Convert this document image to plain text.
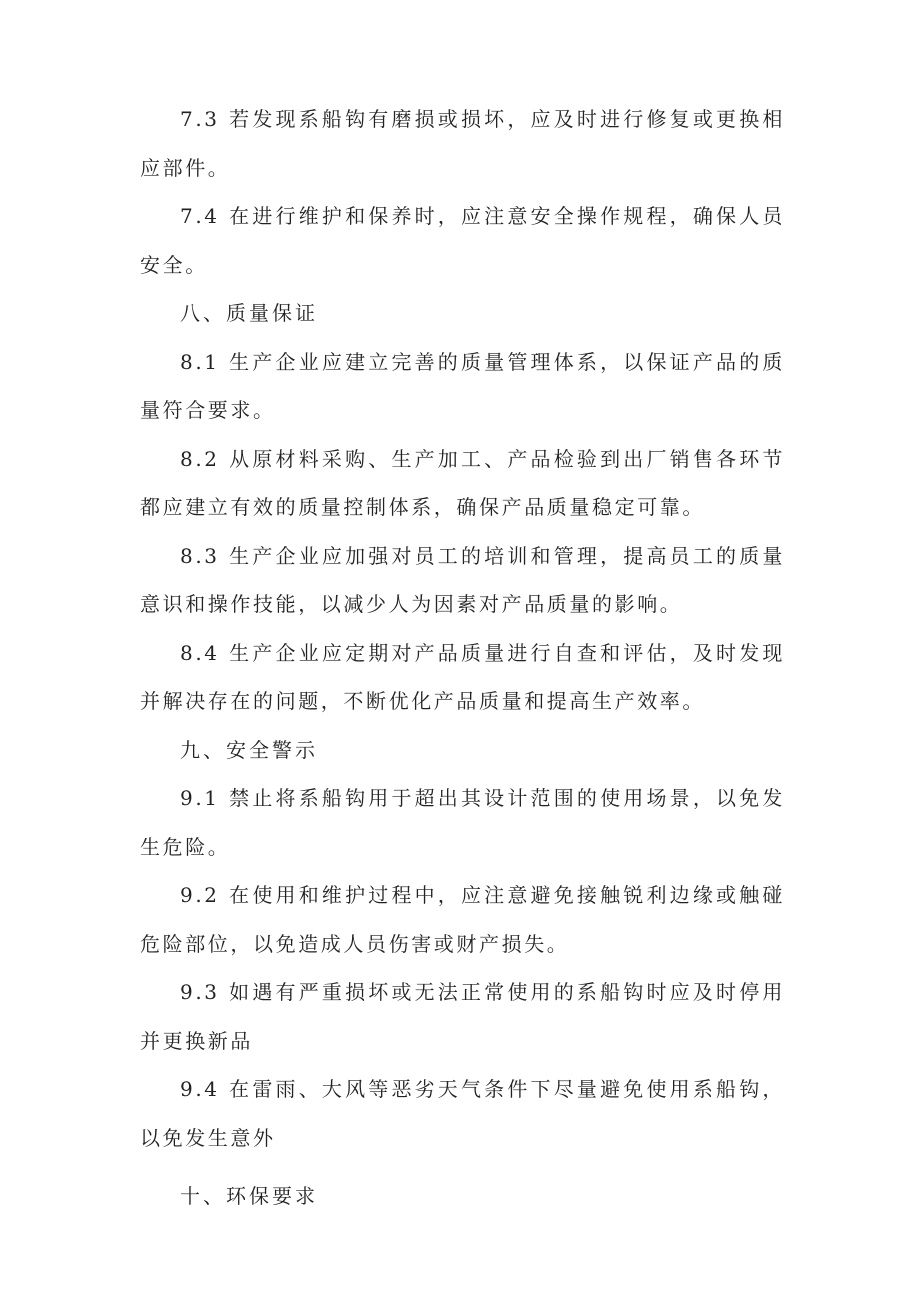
7.3 若发现系船钩有磨损或损坏，应及时进行修复或更换相应部件。

7.4 在进行维护和保养时，应注意安全操作规程，确保人员安全。

八、质量保证

8.1 生产企业应建立完善的质量管理体系，以保证产品的质量符合要求。

8.2 从原材料采购、生产加工、产品检验到出厂销售各环节都应建立有效的质量控制体系，确保产品质量稳定可靠。

8.3 生产企业应加强对员工的培训和管理，提高员工的质量意识和操作技能，以减少人为因素对产品质量的影响。

8.4 生产企业应定期对产品质量进行自查和评估，及时发现并解决存在的问题，不断优化产品质量和提高生产效率。

九、安全警示

9.1 禁止将系船钩用于超出其设计范围的使用场景，以免发生危险。

9.2 在使用和维护过程中，应注意避免接触锐利边缘或触碰危险部位，以免造成人员伤害或财产损失。

9.3 如遇有严重损坏或无法正常使用的系船钩时应及时停用并更换新品

9.4 在雷雨、大风等恶劣天气条件下尽量避免使用系船钩，以免发生意外

十、环保要求
